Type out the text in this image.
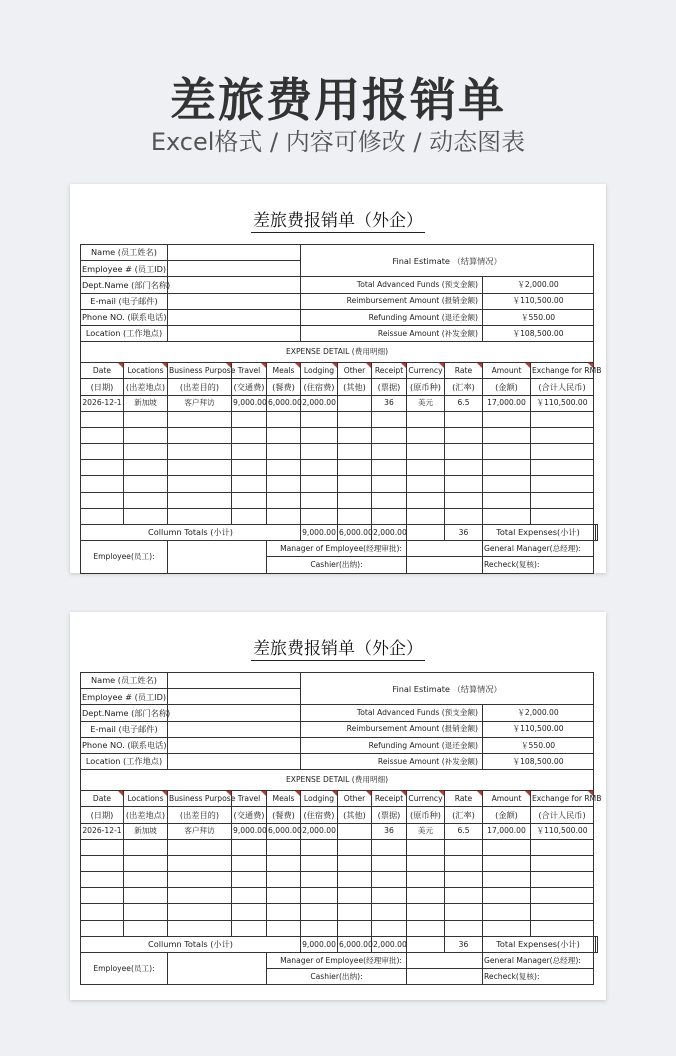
差旅费用报销单
Excel格式 / 内容可修改 / 动态图表
差旅费报销单（外企）
Name (员工姓名)					Final Estimate （结算情况）								
Employee # (员工ID)													
Dept.Name (部门名称)					Total Advanced Funds (预支金额)					￥2,000.00			
E-mail (电子邮件)					Reimbursement Amount (报销金额)					￥110,500.00			
Phone NO. (联系电话)					Refunding Amount (退还金额)					￥550.00			
Location (工作地点)					Reissue Amount (补发金额)					￥108,500.00			
EXPENSE DETAIL (费用明细)													
Date	Locations	Business Purpose	Travel	Meals	Lodging	Other	Receipt	Currency	Rate	Amount	Exchange for RMB		
(日期)	(出差地点)	(出差目的)	(交通费)	(餐费)	(住宿费)	(其他)	(票据)	(原币种)	(汇率)	(金额)	(合计人民币)		
2026-12-1	新加坡	客户拜访	9,000.00	6,000.00	2,000.00		36	美元	6.5	17,000.00	￥110,500.00		

Collumn Totals (小计)					9,000.00	6,000.00	2,000.00		36	Total Expenses(小计)		
Employee(员工):				Manager of Employee(经理审批):						General Manager(总经理):			
				Cashier(出纳):						Recheck(复核):			
差旅费报销单（外企）
Name (员工姓名)					Final Estimate （结算情况）								
Employee # (员工ID)													
Dept.Name (部门名称)					Total Advanced Funds (预支金额)					￥2,000.00			
E-mail (电子邮件)					Reimbursement Amount (报销金额)					￥110,500.00			
Phone NO. (联系电话)					Refunding Amount (退还金额)					￥550.00			
Location (工作地点)					Reissue Amount (补发金额)					￥108,500.00			
EXPENSE DETAIL (费用明细)													
Date	Locations	Business Purpose	Travel	Meals	Lodging	Other	Receipt	Currency	Rate	Amount	Exchange for RMB		
(日期)	(出差地点)	(出差目的)	(交通费)	(餐费)	(住宿费)	(其他)	(票据)	(原币种)	(汇率)	(金额)	(合计人民币)		
2026-12-1	新加坡	客户拜访	9,000.00	6,000.00	2,000.00		36	美元	6.5	17,000.00	￥110,500.00		

Collumn Totals (小计)					9,000.00	6,000.00	2,000.00		36	Total Expenses(小计)		
Employee(员工):				Manager of Employee(经理审批):						General Manager(总经理):			
				Cashier(出纳):						Recheck(复核):			
